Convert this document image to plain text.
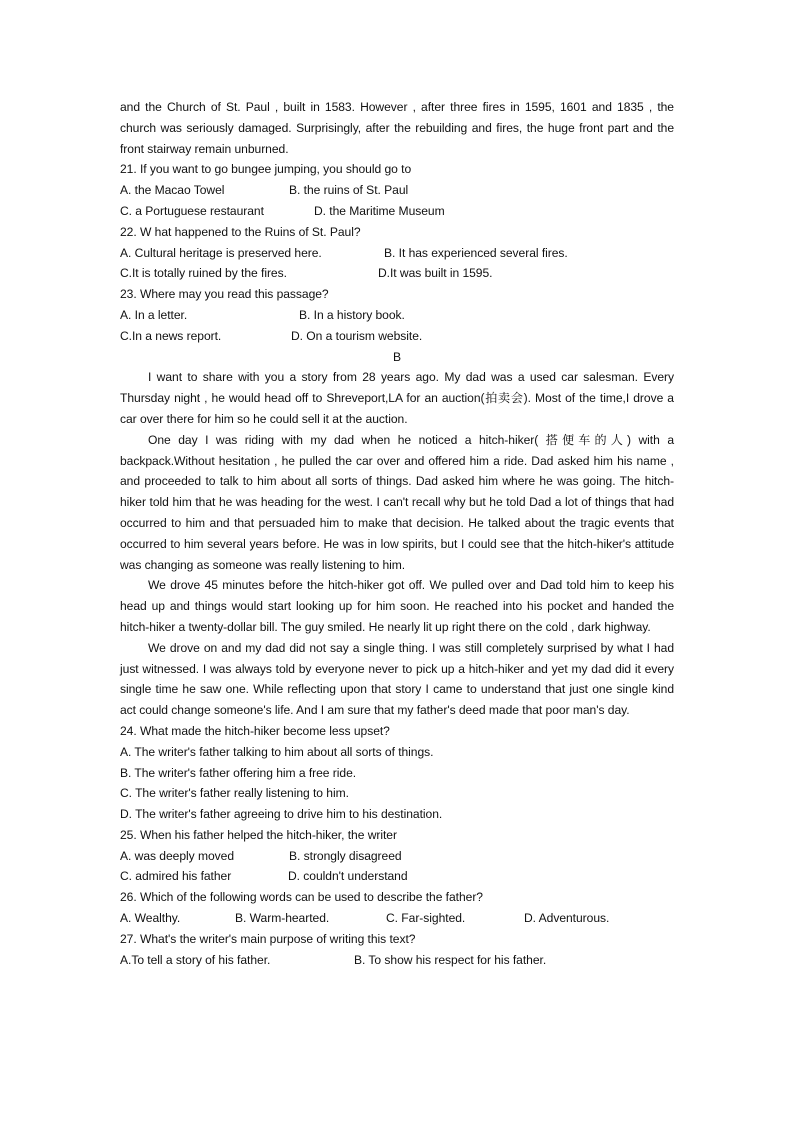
and the Church of St. Paul , built in 1583. However , after three fires in 1595, 1601 and 1835 , the church was seriously damaged. Surprisingly, after the rebuilding and fires, the huge front part and the front stairway remain unburned.

21. If you want to go bungee jumping, you should go to

A. the Macao Towel	B. the ruins of St. Paul
C. a Portuguese restaurant	D. the Maritime Museum

22. W hat happened to the Ruins of St. Paul?

A. Cultural heritage is preserved here.	B. It has experienced several fires.
C.It is totally ruined by the fires.	D.It was built in 1595.

23. Where may you read this passage?

A. In a letter.	B. In a history book.
C.In a news report.	D. On a tourism website.

B

I want to share with you a story from 28 years ago. My dad was a used car salesman. Every Thursday night , he would head off to Shreveport,LA for an auction(拍卖会). Most of the time,I drove a car over there for him so he could sell it at the auction.

One day I was riding with my dad when he noticed a hitch-hiker( 搭便车的人) with a backpack.Without hesitation , he pulled the car over and offered him a ride. Dad asked him his name , and proceeded to talk to him about all sorts of things. Dad asked him where he was going. The hitch-hiker told him that he was heading for the west. I can't recall why but he told Dad a lot of things that had occurred to him and that persuaded him to make that decision. He talked about the tragic events that occurred to him several years before. He was in low spirits, but I could see that the hitch-hiker's attitude was changing as someone was really listening to him.

We drove 45 minutes before the hitch-hiker got off. We pulled over and Dad told him to keep his head up and things would start looking up for him soon. He reached into his pocket and handed the hitch-hiker a twenty-dollar bill. The guy smiled. He nearly lit up right there on the cold , dark highway.

We drove on and my dad did not say a single thing. I was still completely surprised by what I had just witnessed. I was always told by everyone never to pick up a hitch-hiker and yet my dad did it every single time he saw one. While reflecting upon that story I came to understand that just one single kind act could change someone's life. And I am sure that my father's deed made that poor man's day.

24. What made the hitch-hiker become less upset?

A. The writer's father talking to him about all sorts of things.

B. The writer's father offering him a free ride.

C. The writer's father really listening to him.

D. The writer's father agreeing to drive him to his destination.

25. When his father helped the hitch-hiker, the writer

A. was deeply moved	B. strongly disagreed
C. admired his father	D. couldn't understand

26. Which of the following words can be used to describe the father?

A. Wealthy.	B. Warm-hearted.	C. Far-sighted.	D. Adventurous.

27. What's the writer's main purpose of writing this text?

A.To tell a story of his father.	B. To show his respect for his father.
